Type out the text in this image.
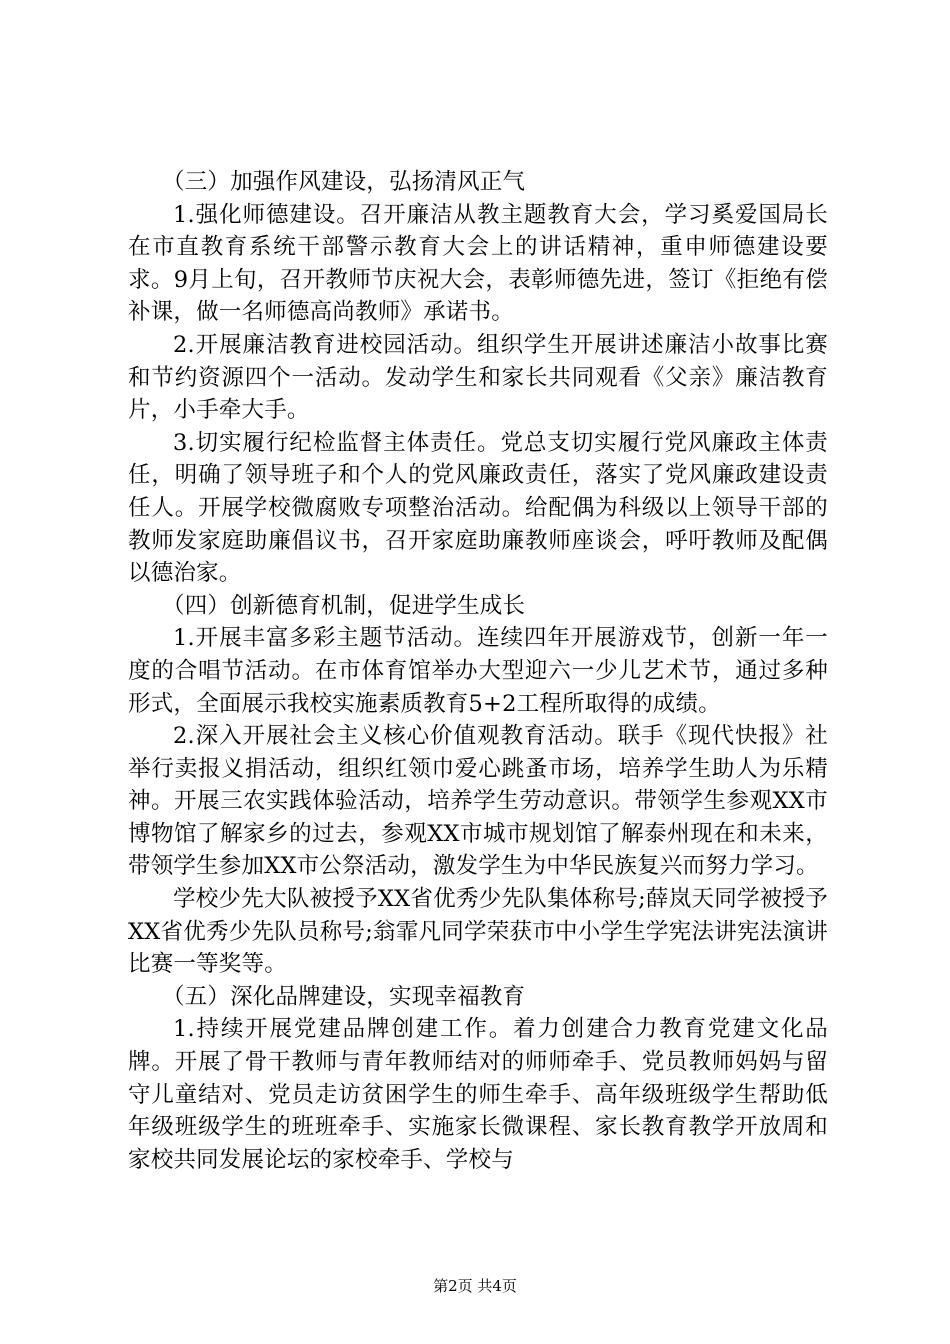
（三）加强作风建设，弘扬清风正气

1.强化师德建设。召开廉洁从教主题教育大会，学习奚爱国局长在市直教育系统干部警示教育大会上的讲话精神，重申师德建设要求。9月上旬，召开教师节庆祝大会，表彰师德先进，签订《拒绝有偿补课，做一名师德高尚教师》承诺书。

2.开展廉洁教育进校园活动。组织学生开展讲述廉洁小故事比赛和节约资源四个一活动。发动学生和家长共同观看《父亲》廉洁教育片，小手牵大手。

3.切实履行纪检监督主体责任。党总支切实履行党风廉政主体责任，明确了领导班子和个人的党风廉政责任，落实了党风廉政建设责任人。开展学校微腐败专项整治活动。给配偶为科级以上领导干部的教师发家庭助廉倡议书，召开家庭助廉教师座谈会，呼吁教师及配偶以德治家。

（四）创新德育机制，促进学生成长

1.开展丰富多彩主题节活动。连续四年开展游戏节，创新一年一度的合唱节活动。在市体育馆举办大型迎六一少儿艺术节，通过多种形式，全面展示我校实施素质教育5+2工程所取得的成绩。

2.深入开展社会主义核心价值观教育活动。联手《现代快报》社举行卖报义捐活动，组织红领巾爱心跳蚤市场，培养学生助人为乐精神。开展三农实践体验活动，培养学生劳动意识。带领学生参观XX市博物馆了解家乡的过去，参观XX市城市规划馆了解泰州现在和未来，带领学生参加XX市公祭活动，激发学生为中华民族复兴而努力学习。

学校少先大队被授予XX省优秀少先队集体称号;薛岚天同学被授予XX省优秀少先队员称号;翁霏凡同学荣获市中小学生学宪法讲宪法演讲比赛一等奖等。

（五）深化品牌建设，实现幸福教育

1.持续开展党建品牌创建工作。着力创建合力教育党建文化品牌。开展了骨干教师与青年教师结对的师师牵手、党员教师妈妈与留守儿童结对、党员走访贫困学生的师生牵手、高年级班级学生帮助低年级班级学生的班班牵手、实施家长微课程、家长教育教学开放周和家校共同发展论坛的家校牵手、学校与

第2页 共4页
